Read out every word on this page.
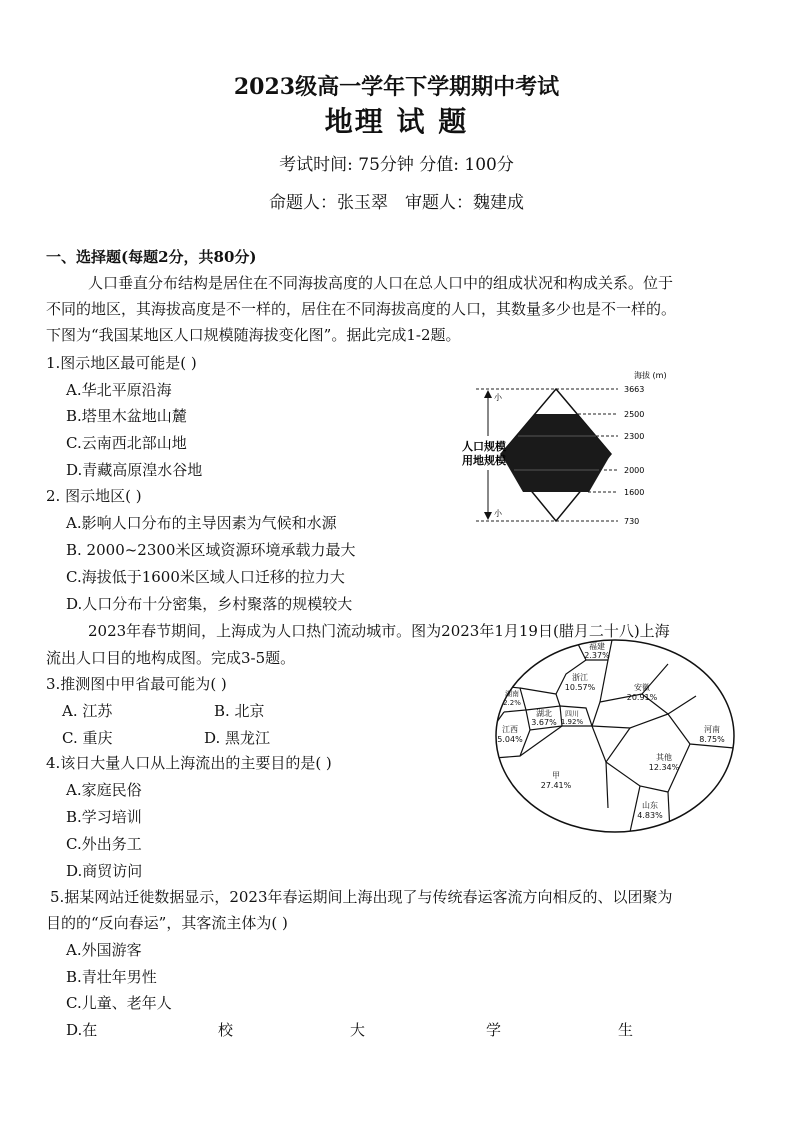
2023级高一学年下学期期中考试
地理 试 题
考试时间: 75分钟 分值: 100分
命题人：张玉翠　审题人：魏建成
一、选择题(每题2分，共80分)
人口垂直分布结构是居住在不同海拔高度的人口在总人口中的组成状况和构成关系。位于
不同的地区，其海拔高度是不一样的，居住在不同海拔高度的人口，其数量多少也是不一样的。
下图为“我国某地区人口规模随海拔变化图”。据此完成1-2题。
1.图示地区最可能是( )
A.华北平原沿海
B.塔里木盆地山麓
C.云南西北部山地
D.青藏高原湟水谷地
2. 图示地区( )
A.影响人口分布的主导因素为气候和水源
B. 2000~2300米区域资源环境承载力最大
C.海拔低于1600米区域人口迁移的拉力大
D.人口分布十分密集，乡村聚落的规模较大
2023年春节期间，上海成为人口热门流动城市。图为2023年1月19日(腊月二十八)上海
流出人口目的地构成图。完成3-5题。
3.推测图中甲省最可能为( )
A. 江苏	B. 北京
C. 重庆	D. 黑龙江
4.该日大量人口从上海流出的主要目的是( )
A.家庭民俗
B.学习培训
C.外出务工
D.商贸访问
5.据某网站迁徙数据显示，2023年春运期间上海出现了与传统春运客流方向相反的、以团聚为
目的的“反向春运”，其客流主体为( )
A.外国游客
B.青壮年男性
C.儿童、老年人
D.在	校	大	学	生
海拔 (m)
小
小
人口规模
用地规模
3663
2500
2300
2000
1600
730
福建
2.37%
安徽
20.91%
浙江
10.57%
湖南
2.2%
湖北
3.67%
四川
1.92%
江西
5.04%
河南
8.75%
甲
27.41%
其他
12.34%
山东
4.83%
